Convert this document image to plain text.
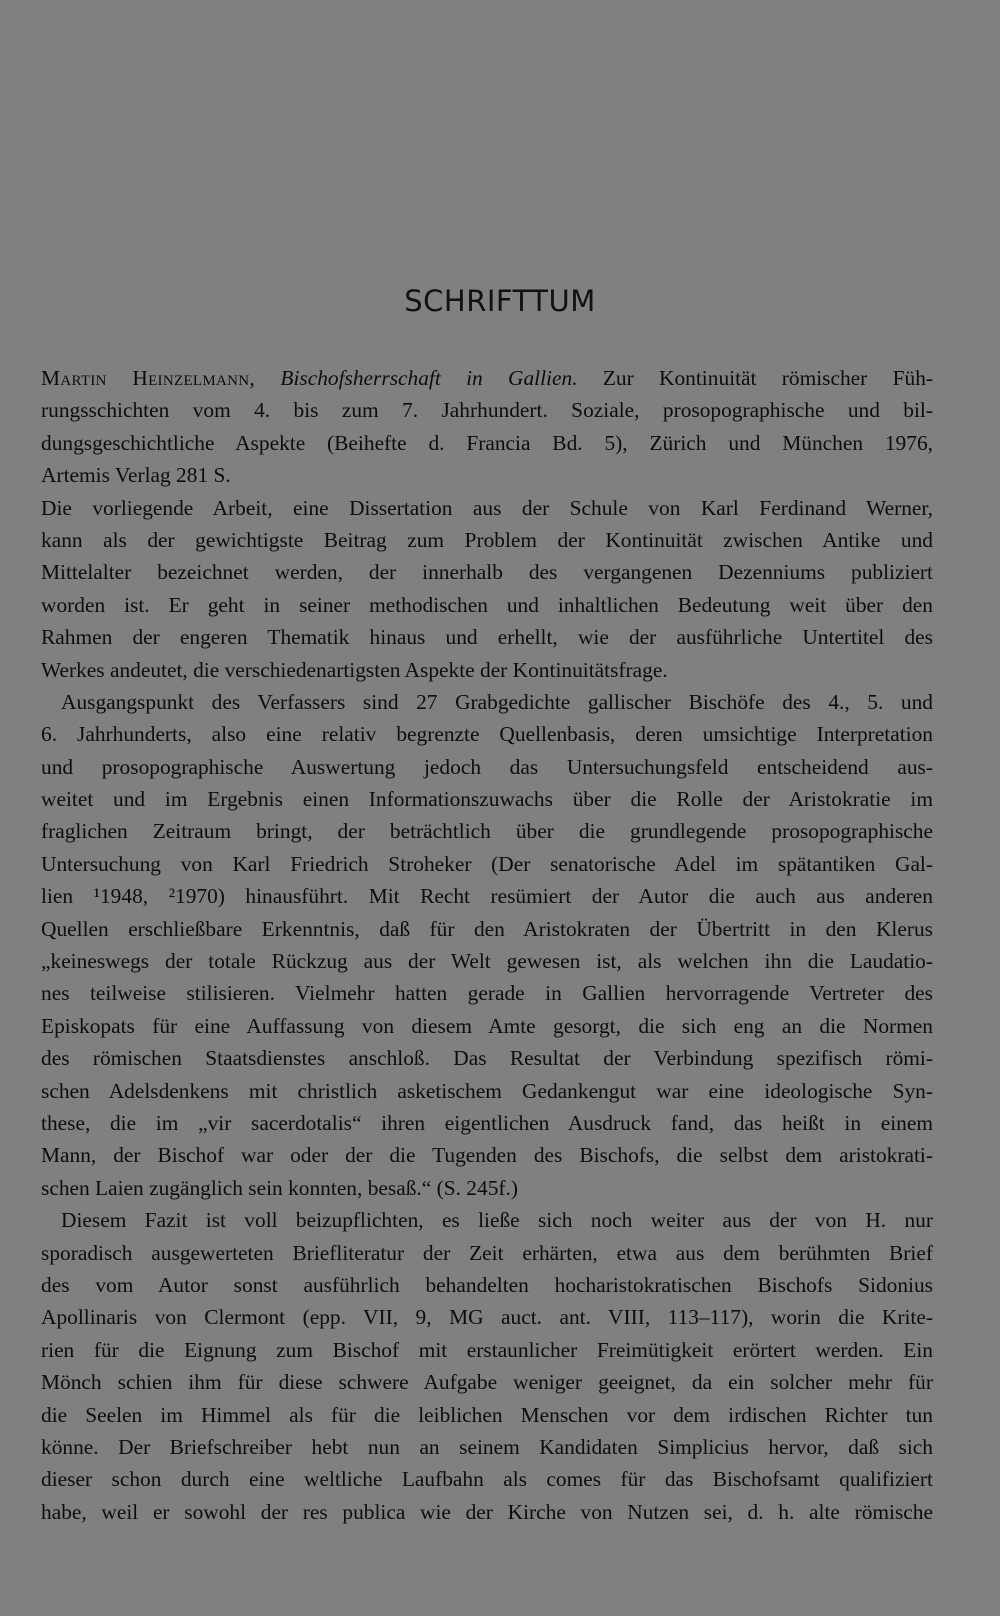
SCHRIFTTUM
Martin Heinzelmann, Bischofsherrschaft in Gallien. Zur Kontinuität römischer Füh-
rungsschichten vom 4. bis zum 7. Jahrhundert. Soziale, prosopographische und bil-
dungsgeschichtliche Aspekte (Beihefte d. Francia Bd. 5), Zürich und München 1976,
Artemis Verlag 281 S.
Die vorliegende Arbeit, eine Dissertation aus der Schule von Karl Ferdinand Werner,
kann als der gewichtigste Beitrag zum Problem der Kontinuität zwischen Antike und
Mittelalter bezeichnet werden, der innerhalb des vergangenen Dezenniums publiziert
worden ist. Er geht in seiner methodischen und inhaltlichen Bedeutung weit über den
Rahmen der engeren Thematik hinaus und erhellt, wie der ausführliche Untertitel des
Werkes andeutet, die verschiedenartigsten Aspekte der Kontinuitätsfrage.
Ausgangspunkt des Verfassers sind 27 Grabgedichte gallischer Bischöfe des 4., 5. und
6. Jahrhunderts, also eine relativ begrenzte Quellenbasis, deren umsichtige Interpretation
und prosopographische Auswertung jedoch das Untersuchungsfeld entscheidend aus-
weitet und im Ergebnis einen Informationszuwachs über die Rolle der Aristokratie im
fraglichen Zeitraum bringt, der beträchtlich über die grundlegende prosopographische
Untersuchung von Karl Friedrich Stroheker (Der senatorische Adel im spätantiken Gal-
lien ¹1948, ²1970) hinausführt. Mit Recht resümiert der Autor die auch aus anderen
Quellen erschließbare Erkenntnis, daß für den Aristokraten der Übertritt in den Klerus
„keineswegs der totale Rückzug aus der Welt gewesen ist, als welchen ihn die Laudatio-
nes teilweise stilisieren. Vielmehr hatten gerade in Gallien hervorragende Vertreter des
Episkopats für eine Auffassung von diesem Amte gesorgt, die sich eng an die Normen
des römischen Staatsdienstes anschloß. Das Resultat der Verbindung spezifisch römi-
schen Adelsdenkens mit christlich asketischem Gedankengut war eine ideologische Syn-
these, die im „vir sacerdotalis“ ihren eigentlichen Ausdruck fand, das heißt in einem
Mann, der Bischof war oder der die Tugenden des Bischofs, die selbst dem aristokrati-
schen Laien zugänglich sein konnten, besaß.“ (S. 245f.)
Diesem Fazit ist voll beizupflichten, es ließe sich noch weiter aus der von H. nur
sporadisch ausgewerteten Briefliteratur der Zeit erhärten, etwa aus dem berühmten Brief
des vom Autor sonst ausführlich behandelten hocharistokratischen Bischofs Sidonius
Apollinaris von Clermont (epp. VII, 9, MG auct. ant. VIII, 113–117), worin die Krite-
rien für die Eignung zum Bischof mit erstaunlicher Freimütigkeit erörtert werden. Ein
Mönch schien ihm für diese schwere Aufgabe weniger geeignet, da ein solcher mehr für
die Seelen im Himmel als für die leiblichen Menschen vor dem irdischen Richter tun
könne. Der Briefschreiber hebt nun an seinem Kandidaten Simplicius hervor, daß sich
dieser schon durch eine weltliche Laufbahn als comes für das Bischofsamt qualifiziert
habe, weil er sowohl der res publica wie der Kirche von Nutzen sei, d. h. alte römische
